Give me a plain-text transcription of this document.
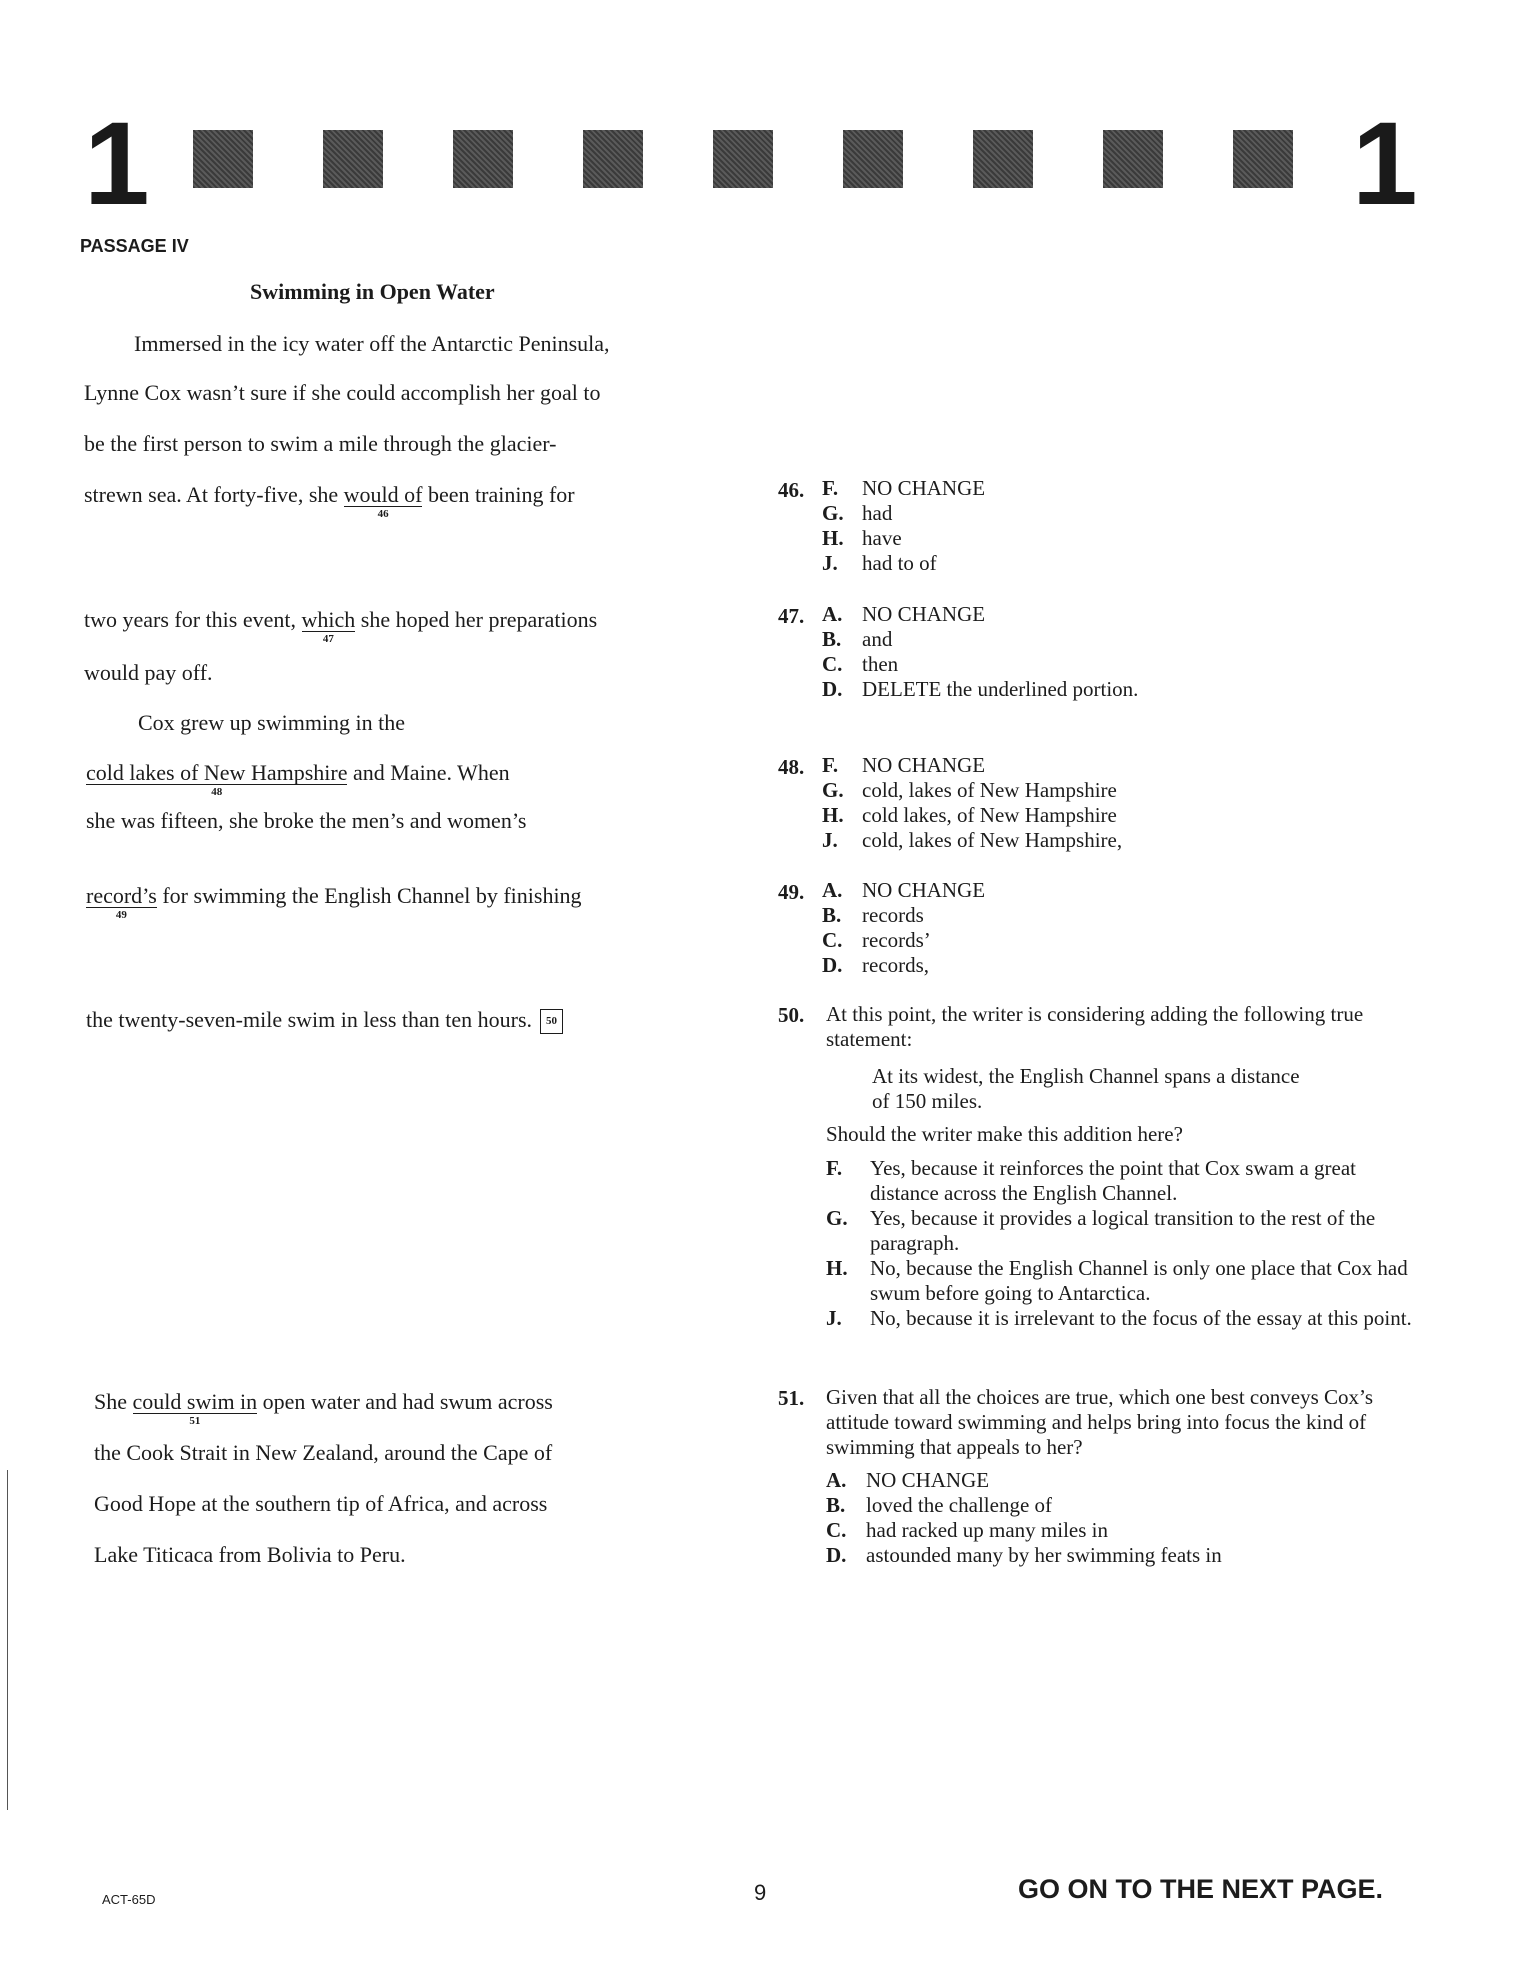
1	1
PASSAGE IV
Swimming in Open Water
Immersed in the icy water off the Antarctic Peninsula,
Lynne Cox wasn’t sure if she could accomplish her goal to
be the first person to swim a mile through the glacier-
strewn sea. At forty-five, she would of
46
been training for
two years for this event, which
47
she hoped her preparations
would pay off.
Cox grew up swimming in the
cold lakes of New Hampshire
48
and Maine. When
she was fifteen, she broke the men’s and women’s
record’s
49
for swimming the English Channel by finishing
the twenty-seven-mile swim in less than ten hours. 50
She could swim in
51
open water and had swum across
the Cook Strait in New Zealand, around the Cape of
Good Hope at the southern tip of Africa, and across
Lake Titicaca from Bolivia to Peru.
46. F. NO CHANGE
G. had
H. have
J. had to of
47. A. NO CHANGE
B. and
C. then
D. DELETE the underlined portion.
48. F. NO CHANGE
G. cold, lakes of New Hampshire
H. cold lakes, of New Hampshire
J. cold, lakes of New Hampshire,
49. A. NO CHANGE
B. records
C. records’
D. records,
50. At this point, the writer is considering adding the following true statement:
At its widest, the English Channel spans a distance of 150 miles.
Should the writer make this addition here?
F. Yes, because it reinforces the point that Cox swam a great distance across the English Channel.
G. Yes, because it provides a logical transition to the rest of the paragraph.
H. No, because the English Channel is only one place that Cox had swum before going to Antarctica.
J. No, because it is irrelevant to the focus of the essay at this point.
51. Given that all the choices are true, which one best conveys Cox’s attitude toward swimming and helps bring into focus the kind of swimming that appeals to her?
A. NO CHANGE
B. loved the challenge of
C. had racked up many miles in
D. astounded many by her swimming feats in
ACT-65D	9	GO ON TO THE NEXT PAGE.
